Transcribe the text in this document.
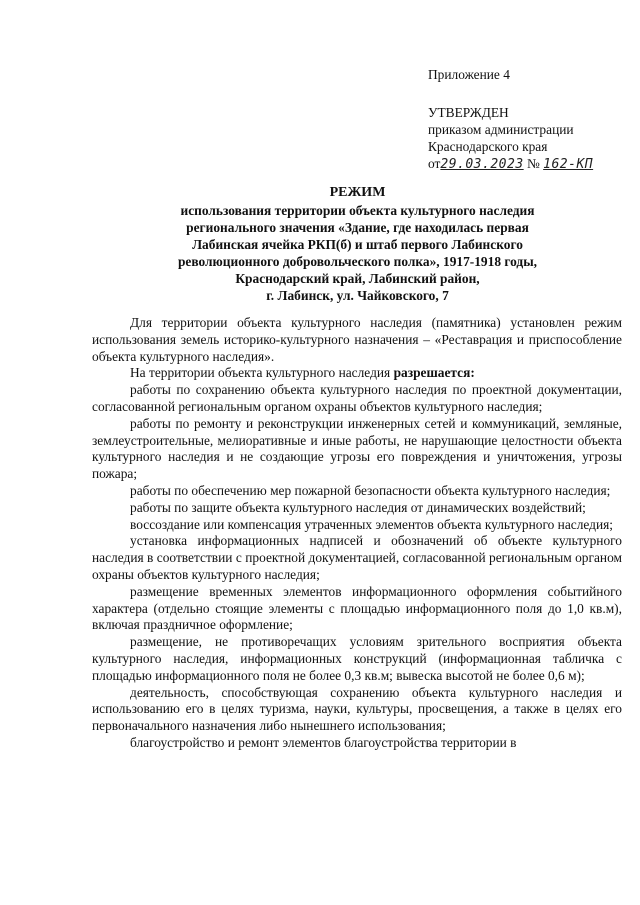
Приложение 4
УТВЕРЖДЕН
приказом администрации
Краснодарского края
от29.03.2023 № 162-КП
РЕЖИМ
использования территории объекта культурного наследия
регионального значения «Здание, где находилась первая
Лабинская ячейка РКП(б) и штаб первого Лабинского
революционного добровольческого полка», 1917-1918 годы,
Краснодарский край, Лабинский район,
г. Лабинск, ул. Чайковского, 7

Для территории объекта культурного наследия (памятника) установлен режим использования земель историко-культурного назначения – «Реставрация и приспособление объекта культурного наследия».

На территории объекта культурного наследия разрешается:

работы по сохранению объекта культурного наследия по проектной документации, согласованной региональным органом охраны объектов культурного наследия;

работы по ремонту и реконструкции инженерных сетей и коммуникаций, земляные, землеустроительные, мелиоративные и иные работы, не нарушающие целостности объекта культурного наследия и не создающие угрозы его повреждения и уничтожения, угрозы пожара;

работы по обеспечению мер пожарной безопасности объекта культурного наследия;

работы по защите объекта культурного наследия от динамических воздействий;

воссоздание или компенсация утраченных элементов объекта культурного наследия;

установка информационных надписей и обозначений об объекте культурного наследия в соответствии с проектной документацией, согласованной региональным органом охраны объектов культурного наследия;

размещение временных элементов информационного оформления событийного характера (отдельно стоящие элементы с площадью информационного поля до 1,0 кв.м), включая праздничное оформление;

размещение, не противоречащих условиям зрительного восприятия объекта культурного наследия, информационных конструкций (информационная табличка с площадью информационного поля не более 0,3 кв.м; вывеска высотой не более 0,6 м);

деятельность, способствующая сохранению объекта культурного наследия и использованию его в целях туризма, науки, культуры, просвещения, а также в целях его первоначального назначения либо нынешнего использования;

благоустройство и ремонт элементов благоустройства территории в
